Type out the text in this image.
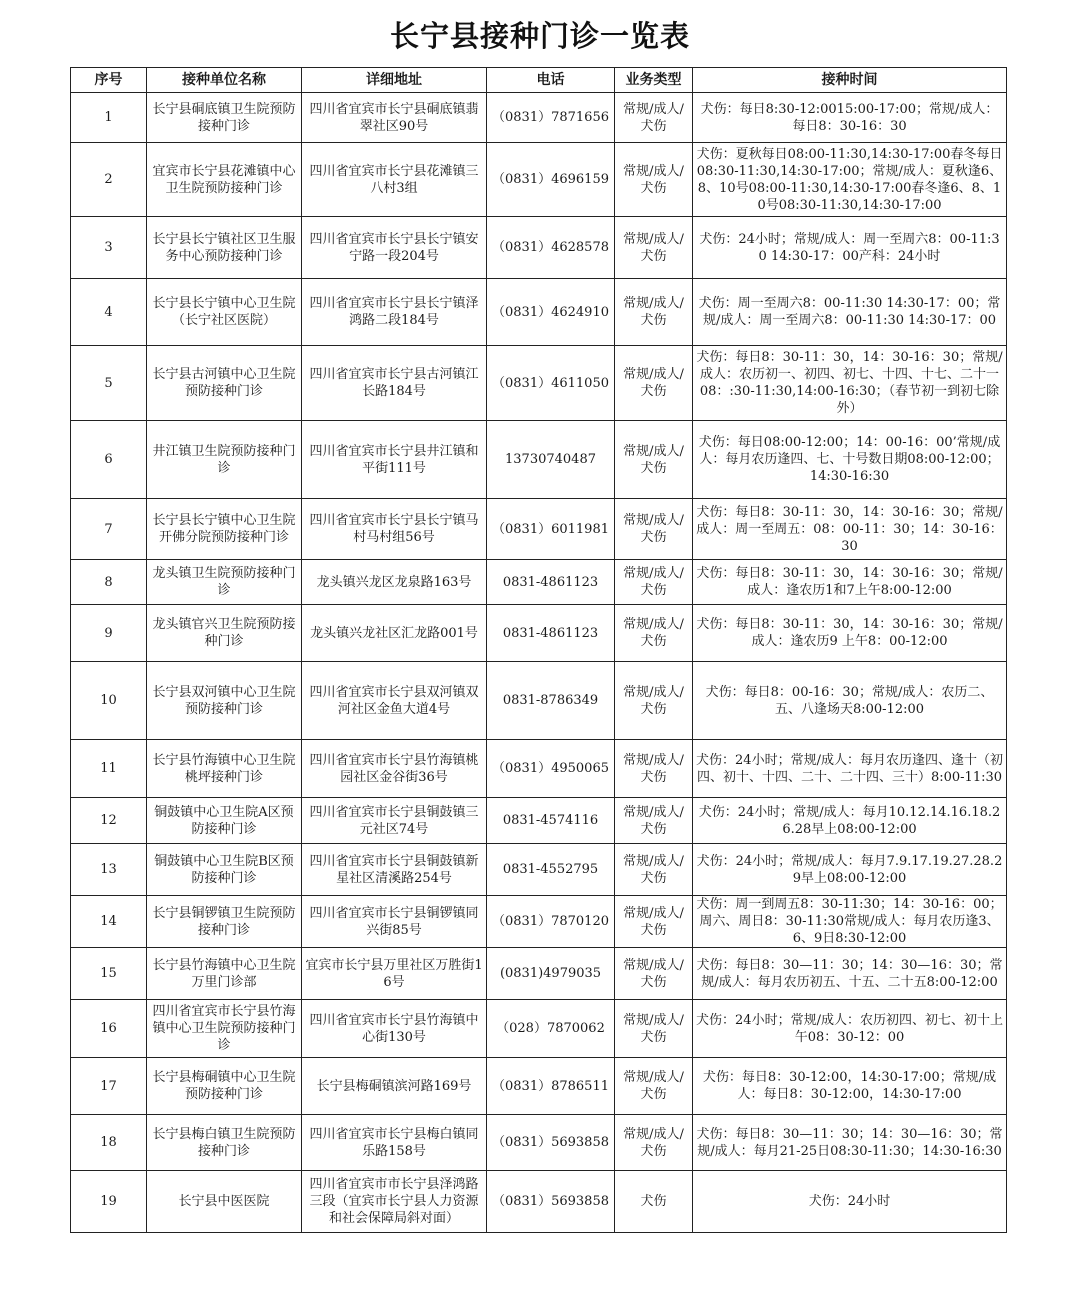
长宁县接种门诊一览表
序号	接种单位名称	详细地址	电话	业务类型	接种时间
1	长宁县硐底镇卫生院预防接种门诊	四川省宜宾市长宁县硐底镇翡翠社区90号	（0831）7871656	常规/成人/犬伤	犬伤：每日8:30-12:0015:00-17:00；常规/成人：每日8：30-16：30
2	宜宾市长宁县花滩镇中心卫生院预防接种门诊	四川省宜宾市长宁县花滩镇三八村3组	（0831）4696159	常规/成人/犬伤	犬伤：夏秋每日08:00-11:30,14:30-17:00春冬每日08:30-11:30,14:30-17:00；常规/成人：夏秋逢6、8、10号08:00-11:30,14:30-17:00春冬逢6、8、10号08:30-11:30,14:30-17:00
3	长宁县长宁镇社区卫生服务中心预防接种门诊	四川省宜宾市长宁县长宁镇安宁路一段204号	（0831）4628578	常规/成人/犬伤	犬伤：24小时；常规/成人：周一至周六8：00-11:30 14:30-17：00产科：24小时
4	长宁县长宁镇中心卫生院（长宁社区医院）	四川省宜宾市长宁县长宁镇泽鸿路二段184号	（0831）4624910	常规/成人/犬伤	犬伤：周一至周六8：00-11:30 14:30-17：00；常规/成人：周一至周六8：00-11:30 14:30-17：00
5	长宁县古河镇中心卫生院预防接种门诊	四川省宜宾市长宁县古河镇江长路184号	（0831）4611050	常规/成人/犬伤	犬伤：每日8：30-11：30，14：30-16：30；常规/成人：农历初一、初四、初七、十四、十七、二十一08：:30-11:30,14:00-16:30；（春节初一到初七除外）
6	井江镇卫生院预防接种门诊	四川省宜宾市长宁县井江镇和平街111号	13730740487	常规/成人/犬伤	犬伤：每日08:00-12:00；14：00-16：00’常规/成人：每月农历逢四、七、十号数日期08:00-12:00；14:30-16:30
7	长宁县长宁镇中心卫生院开佛分院预防接种门诊	四川省宜宾市长宁县长宁镇马村马村组56号	（0831）6011981	常规/成人/犬伤	犬伤：每日8：30-11：30，14：30-16：30；常规/成人：周一至周五：08：00-11：30；14：30-16：30
8	龙头镇卫生院预防接种门诊	龙头镇兴龙区龙泉路163号	0831-4861123	常规/成人/犬伤	犬伤：每日8：30-11：30，14：30-16：30；常规/成人：逢农历1和7上午8:00-12:00
9	龙头镇官兴卫生院预防接种门诊	龙头镇兴龙社区汇龙路001号	0831-4861123	常规/成人/犬伤	犬伤：每日8：30-11：30，14：30-16：30；常规/成人：逢农历9 上午8：00-12:00
10	长宁县双河镇中心卫生院预防接种门诊	四川省宜宾市长宁县双河镇双河社区金鱼大道4号	0831-8786349	常规/成人/犬伤	犬伤：每日8：00-16：30；常规/成人：农历二、五、八逢场天8:00-12:00
11	长宁县竹海镇中心卫生院桃坪接种门诊	四川省宜宾市长宁县竹海镇桃园社区金谷街36号	（0831）4950065	常规/成人/犬伤	犬伤：24小时；常规/成人：每月农历逢四、逢十（初四、初十、十四、二十、二十四、三十）8:00-11:30
12	铜鼓镇中心卫生院A区预防接种门诊	四川省宜宾市长宁县铜鼓镇三元社区74号	0831-4574116	常规/成人/犬伤	犬伤：24小时；常规/成人：每月10.12.14.16.18.26.28早上08:00-12:00
13	铜鼓镇中心卫生院B区预防接种门诊	四川省宜宾市长宁县铜鼓镇新星社区清溪路254号	0831-4552795	常规/成人/犬伤	犬伤：24小时；常规/成人：每月7.9.17.19.27.28.29早上08:00-12:00
14	长宁县铜锣镇卫生院预防接种门诊	四川省宜宾市长宁县铜锣镇同兴街85号	（0831）7870120	常规/成人/犬伤	犬伤：周一到周五8：30-11:30；14：30-16：00；周六、周日8：30-11:30常规/成人：每月农历逢3、6、9日8:30-12:00
15	长宁县竹海镇中心卫生院万里门诊部	宜宾市长宁县万里社区万胜街16号	(0831)4979035	常规/成人/犬伤	犬伤：每日8：30—11：30；14：30—16：30；常规/成人：每月农历初五、十五、二十五8:00-12:00
16	四川省宜宾市长宁县竹海镇中心卫生院预防接种门诊	四川省宜宾市长宁县竹海镇中心街130号	（028）7870062	常规/成人/犬伤	犬伤：24小时；常规/成人：农历初四、初七、初十上午08：30-12：00
17	长宁县梅硐镇中心卫生院预防接种门诊	长宁县梅硐镇滨河路169号	（0831）8786511	常规/成人/犬伤	犬伤：每日8：30-12:00，14:30-17:00；常规/成人：每日8：30-12:00，14:30-17:00
18	长宁县梅白镇卫生院预防接种门诊	四川省宜宾市长宁县梅白镇同乐路158号	（0831）5693858	常规/成人/犬伤	犬伤：每日8：30—11：30；14：30—16：30；常规/成人：每月21-25日08:30-11:30；14:30-16:30
19	长宁县中医医院	四川省宜宾市市长宁县泽鸿路三段（宜宾市长宁县人力资源和社会保障局斜对面）	（0831）5693858	犬伤	犬伤：24小时
